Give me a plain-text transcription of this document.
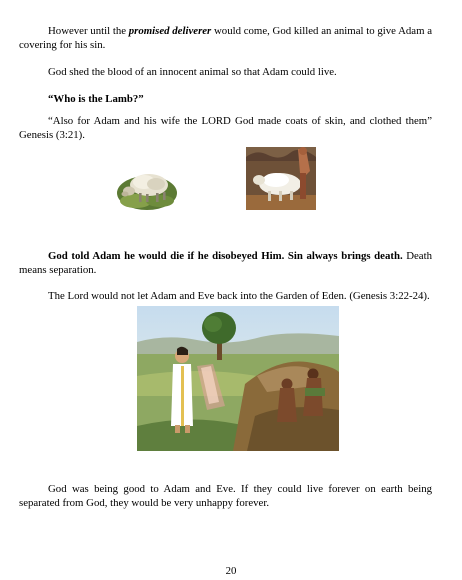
However until the promised deliverer would come, God killed an animal to give Adam a covering for his sin.

God shed the blood of an innocent animal so that Adam could live.

“Who is the Lamb?”

“Also for Adam and his wife the LORD God made coats of skin, and clothed them” Genesis (3:21).

God told Adam he would die if he disobeyed Him. Sin always brings death. Death means separation.

The Lord would not let Adam and Eve back into the Garden of Eden. (Genesis 3:22-24).

God was being good to Adam and Eve. If they could live forever on earth being separated from God, they would be very unhappy forever.

20
